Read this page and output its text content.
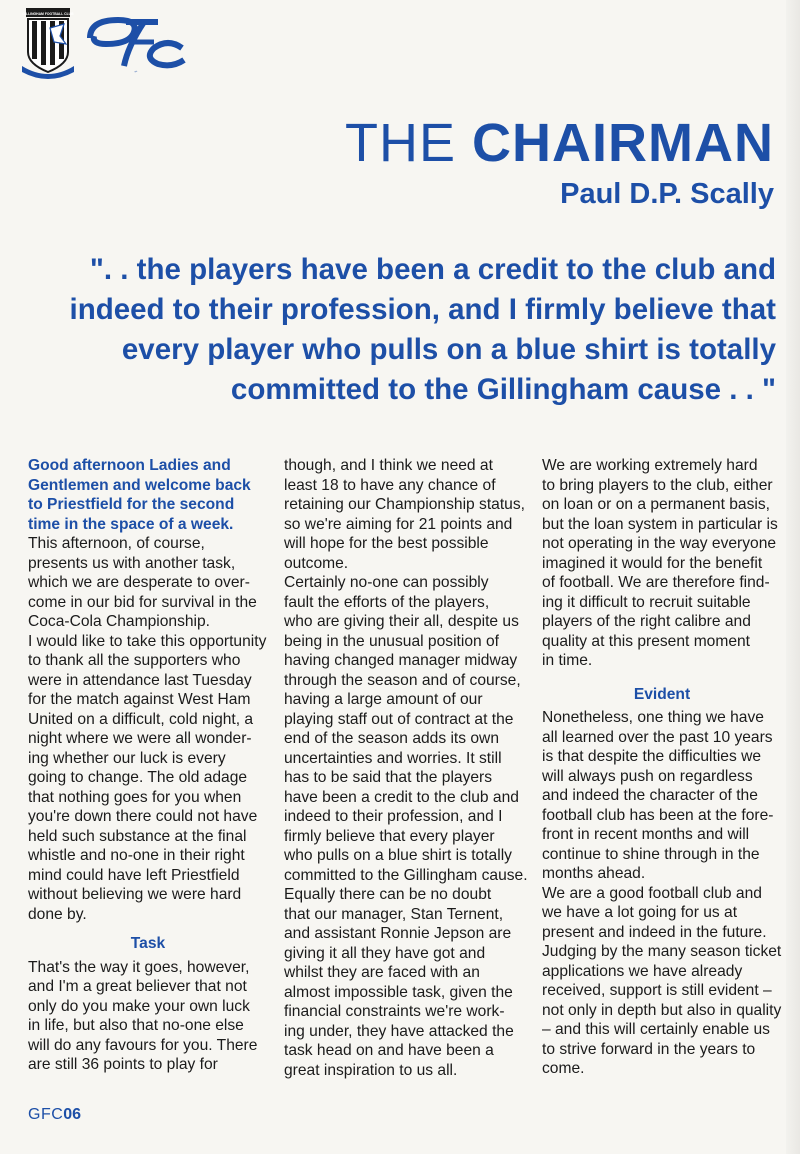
GILLINGHAM FOOTBALL CLUB
gfc
THE CHAIRMAN
Paul D.P. Scally
". . the players have been a credit to the club and
indeed to their profession, and I firmly believe that
every player who pulls on a blue shirt is totally
committed to the Gillingham cause . . "
Good afternoon Ladies and
Gentlemen and welcome back
to Priestfield for the second
time in the space of a week.
This afternoon, of course,
presents us with another task,
which we are desperate to over-
come in our bid for survival in the
Coca-Cola Championship.
I would like to take this opportunity
to thank all the supporters who
were in attendance last Tuesday
for the match against West Ham
United on a difficult, cold night, a
night where we were all wonder-
ing whether our luck is every
going to change. The old adage
that nothing goes for you when
you're down there could not have
held such substance at the final
whistle and no-one in their right
mind could have left Priestfield
without believing we were hard
done by.
Task
That's the way it goes, however,
and I'm a great believer that not
only do you make your own luck
in life, but also that no-one else
will do any favours for you. There
are still 36 points to play for
though, and I think we need at
least 18 to have any chance of
retaining our Championship status,
so we're aiming for 21 points and
will hope for the best possible
outcome.
Certainly no-one can possibly
fault the efforts of the players,
who are giving their all, despite us
being in the unusual position of
having changed manager midway
through the season and of course,
having a large amount of our
playing staff out of contract at the
end of the season adds its own
uncertainties and worries. It still
has to be said that the players
have been a credit to the club and
indeed to their profession, and I
firmly believe that every player
who pulls on a blue shirt is totally
committed to the Gillingham cause.
Equally there can be no doubt
that our manager, Stan Ternent,
and assistant Ronnie Jepson are
giving it all they have got and
whilst they are faced with an
almost impossible task, given the
financial constraints we're work-
ing under, they have attacked the
task head on and have been a
great inspiration to us all.
We are working extremely hard
to bring players to the club, either
on loan or on a permanent basis,
but the loan system in particular is
not operating in the way everyone
imagined it would for the benefit
of football. We are therefore find-
ing it difficult to recruit suitable
players of the right calibre and
quality at this present moment
in time.
Evident
Nonetheless, one thing we have
all learned over the past 10 years
is that despite the difficulties we
will always push on regardless
and indeed the character of the
football club has been at the fore-
front in recent months and will
continue to shine through in the
months ahead.
We are a good football club and
we have a lot going for us at
present and indeed in the future.
Judging by the many season ticket
applications we have already
received, support is still evident –
not only in depth but also in quality
– and this will certainly enable us
to strive forward in the years to
come.
GFC06
